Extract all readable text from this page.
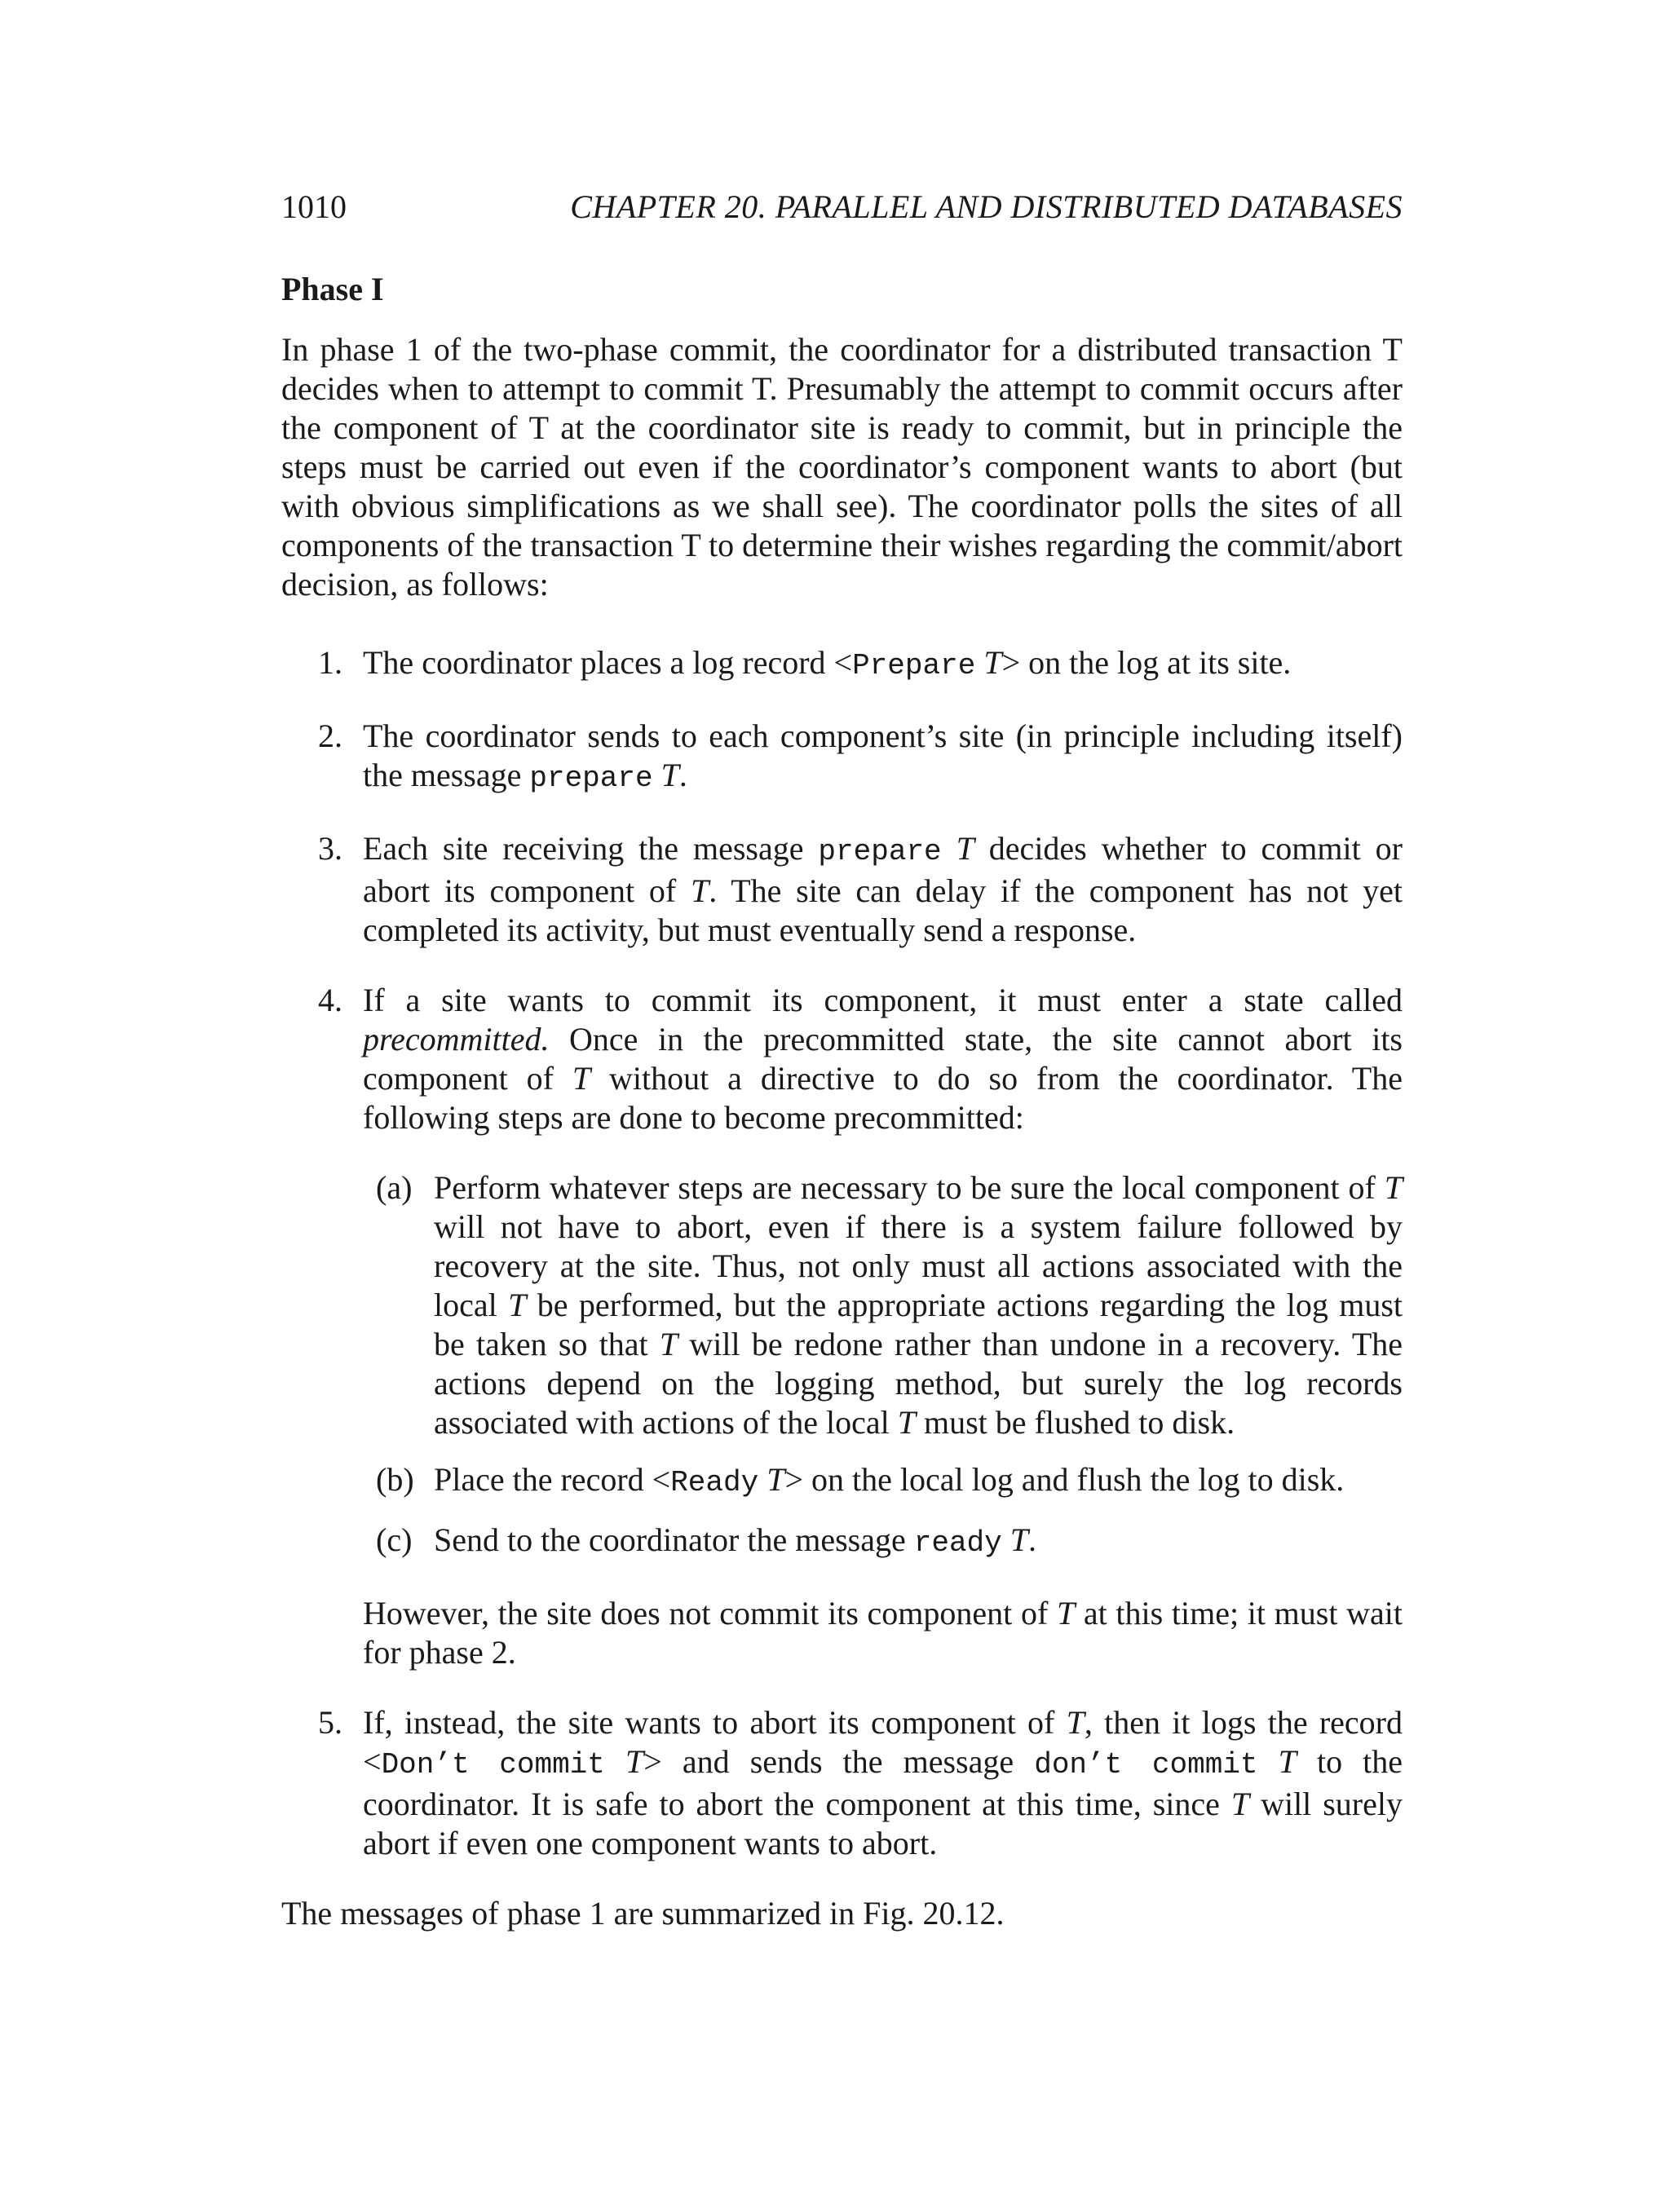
1010	CHAPTER 20. PARALLEL AND DISTRIBUTED DATABASES
Phase I

In phase 1 of the two-phase commit, the coordinator for a distributed transaction T decides when to attempt to commit T. Presumably the attempt to commit occurs after the component of T at the coordinator site is ready to commit, but in principle the steps must be carried out even if the coordinator’s component wants to abort (but with obvious simplifications as we shall see). The coordinator polls the sites of all components of the transaction T to determine their wishes regarding the commit/abort decision, as follows:

1. The coordinator places a log record <Prepare T> on the log at its site.

2. The coordinator sends to each component’s site (in principle including itself) the message prepare T.

3. Each site receiving the message prepare T decides whether to commit or abort its component of T. The site can delay if the component has not yet completed its activity, but must eventually send a response.

4. If a site wants to commit its component, it must enter a state called precommitted. Once in the precommitted state, the site cannot abort its component of T without a directive to do so from the coordinator. The following steps are done to become precommitted:

(a) Perform whatever steps are necessary to be sure the local component of T will not have to abort, even if there is a system failure followed by recovery at the site. Thus, not only must all actions associated with the local T be performed, but the appropriate actions regarding the log must be taken so that T will be redone rather than undone in a recovery. The actions depend on the logging method, but surely the log records associated with actions of the local T must be flushed to disk.

(b) Place the record <Ready T> on the local log and flush the log to disk.

(c) Send to the coordinator the message ready T.

However, the site does not commit its component of T at this time; it must wait for phase 2.

5. If, instead, the site wants to abort its component of T, then it logs the record <Don’t commit T> and sends the message don’t commit T to the coordinator. It is safe to abort the component at this time, since T will surely abort if even one component wants to abort.

The messages of phase 1 are summarized in Fig. 20.12.
